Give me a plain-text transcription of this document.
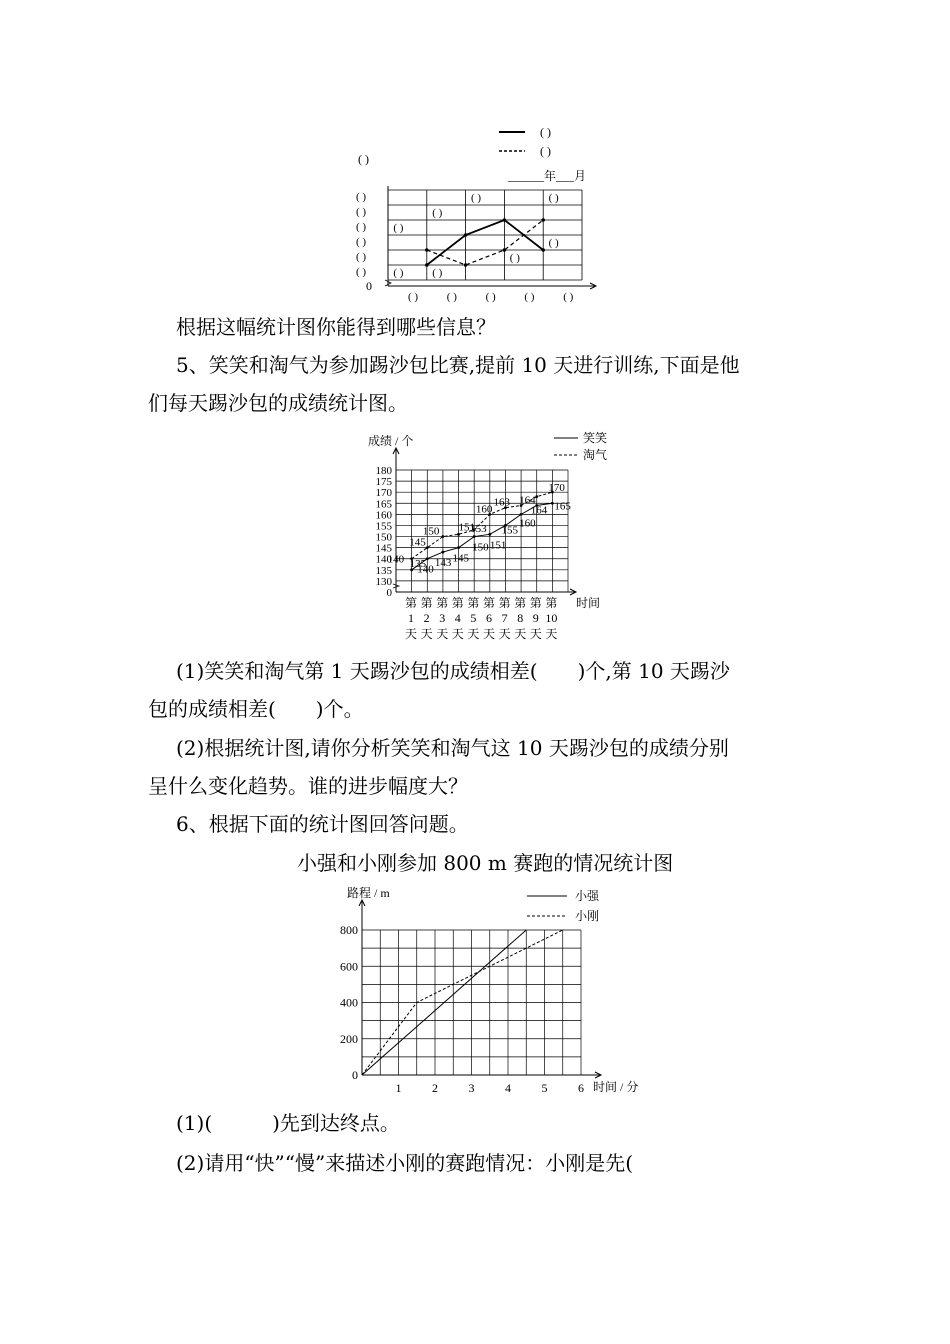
( )
( )
( )
______年___月
( )
( )
( )
( )
( )
( )
( )	( )	( )	( )	( )
( )
( )
( )
( )
( )
( )
( )	( )
0
根据这幅统计图你能得到哪些信息？
5、笑笑和淘气为参加踢沙包比赛,提前 10 天进行训练,下面是他
们每天踢沙包的成绩统计图。
成绩 / 个	笑笑
淘气
时间
130
135
140
145
150
155
160
165
170
175
180
0
第
1
天
第
2
天
第
3
天
第
4
天
第
5
天
第
6
天
第
7
天
第
8
天
第
9
天
第
10
天
135
140
143 145
150 151
155
160
164 165
140
145
150 151
153
160
163 164
170
(1)笑笑和淘气第 1 天踢沙包的成绩相差(　　)个,第 10 天踢沙
包的成绩相差(　　)个。
(2)根据统计图,请你分析笑笑和淘气这 10 天踢沙包的成绩分别
呈什么变化趋势。谁的进步幅度大？
6、根据下面的统计图回答问题。
小强和小刚参加 800 m 赛跑的情况统计图
路程 / m	小强
小刚
时间 / 分
0
200
400
600
800
1	2	3	4	5	6
(1)(　　　)先到达终点。
(2)请用“快”“慢”来描述小刚的赛跑情况：小刚是先(
